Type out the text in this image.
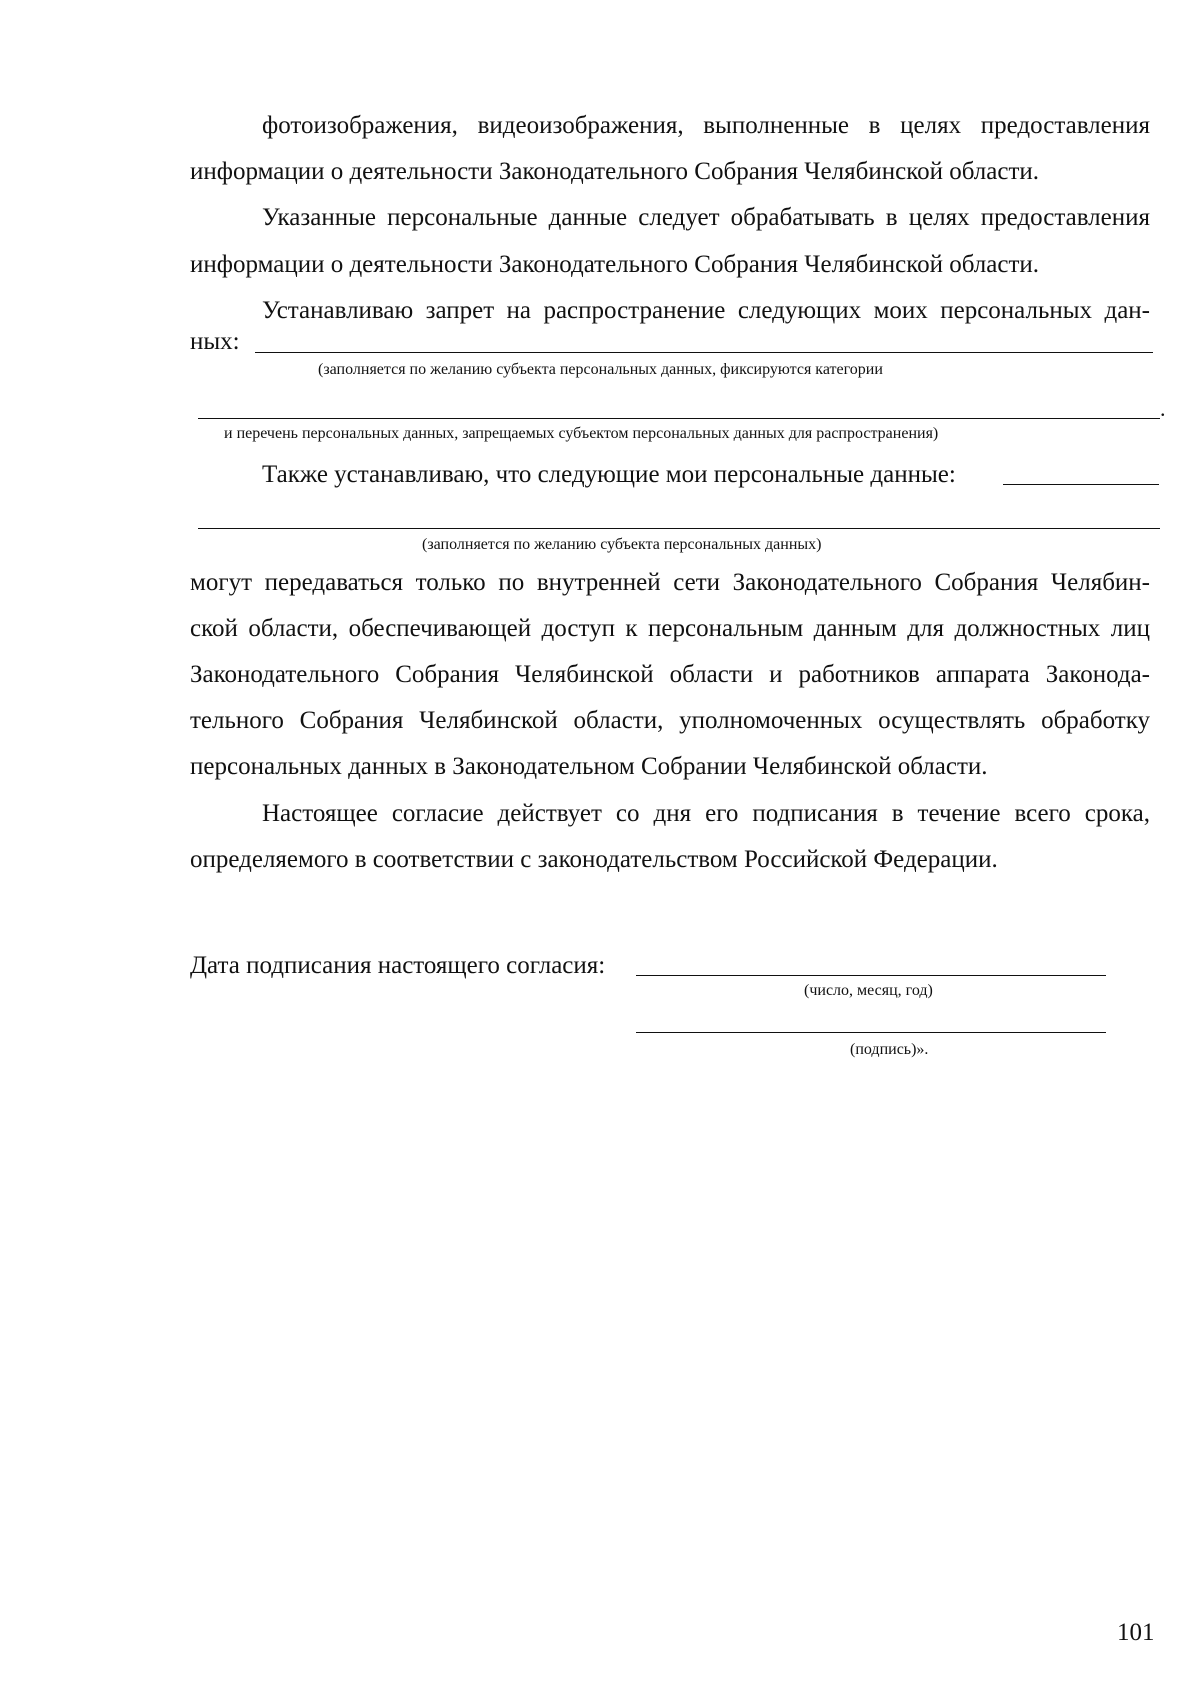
фотоизображения, видеоизображения, выполненные в целях предоставления
информации о деятельности Законодательного Собрания Челябинской области.
Указанные персональные данные следует обрабатывать в целях предоставления
информации о деятельности Законодательного Собрания Челябинской области.
Устанавливаю запрет на распространение следующих моих персональных дан-
ных:
(заполняется по желанию субъекта персональных данных, фиксируются категории
.
и перечень персональных данных, запрещаемых субъектом персональных данных для распространения)
Также устанавливаю, что следующие мои персональные данные:
(заполняется по желанию субъекта персональных данных)
могут передаваться только по внутренней сети Законодательного Собрания Челябин-
ской области, обеспечивающей доступ к персональным данным для должностных лиц
Законодательного Собрания Челябинской области и работников аппарата Законода-
тельного Собрания Челябинской области, уполномоченных осуществлять обработку
персональных данных в Законодательном Собрании Челябинской области.
Настоящее согласие действует со дня его подписания в течение всего срока,
определяемого в соответствии с законодательством Российской Федерации.
Дата подписания настоящего согласия:
(число, месяц, год)
(подпись)».
101
